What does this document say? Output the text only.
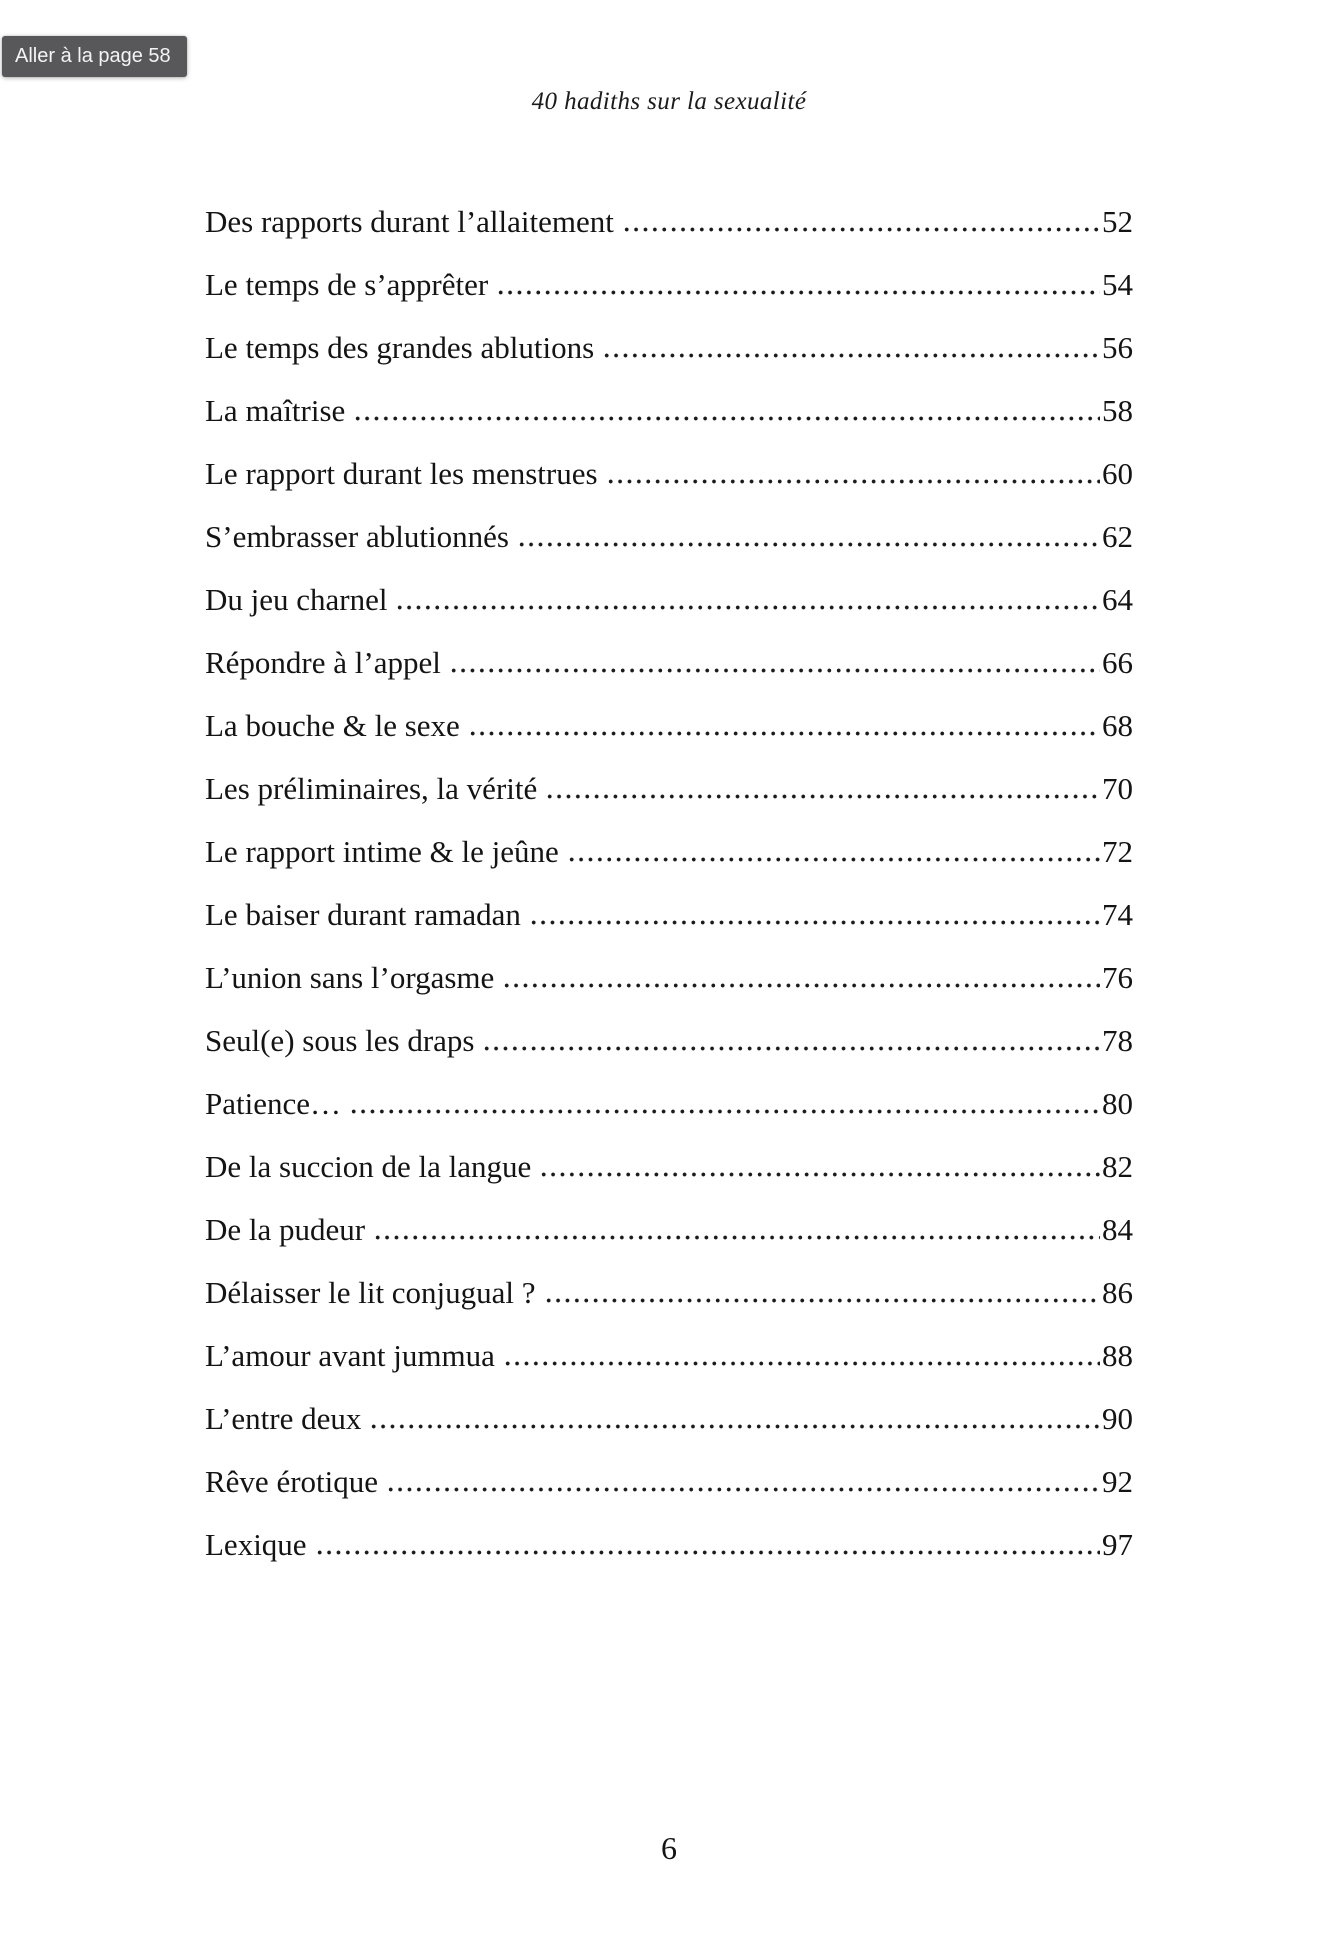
Aller à la page 58
40 hadiths sur la sexualité
Des rapports durant l’allaitement	52
Le temps de s’apprêter	54
Le temps des grandes ablutions	56
La maîtrise	58
Le rapport durant les menstrues	60
S’embrasser ablutionnés	62
Du jeu charnel	64
Répondre à l’appel	66
La bouche & le sexe	68
Les préliminaires, la vérité	70
Le rapport intime & le jeûne	72
Le baiser durant ramadan	74
L’union sans l’orgasme	76
Seul(e) sous les draps	78
Patience…	80
De la succion de la langue	82
De la pudeur	84
Délaisser le lit conjugual ?	86
L’amour avant jummua	88
L’entre deux	90
Rêve érotique	92
Lexique	97
6
